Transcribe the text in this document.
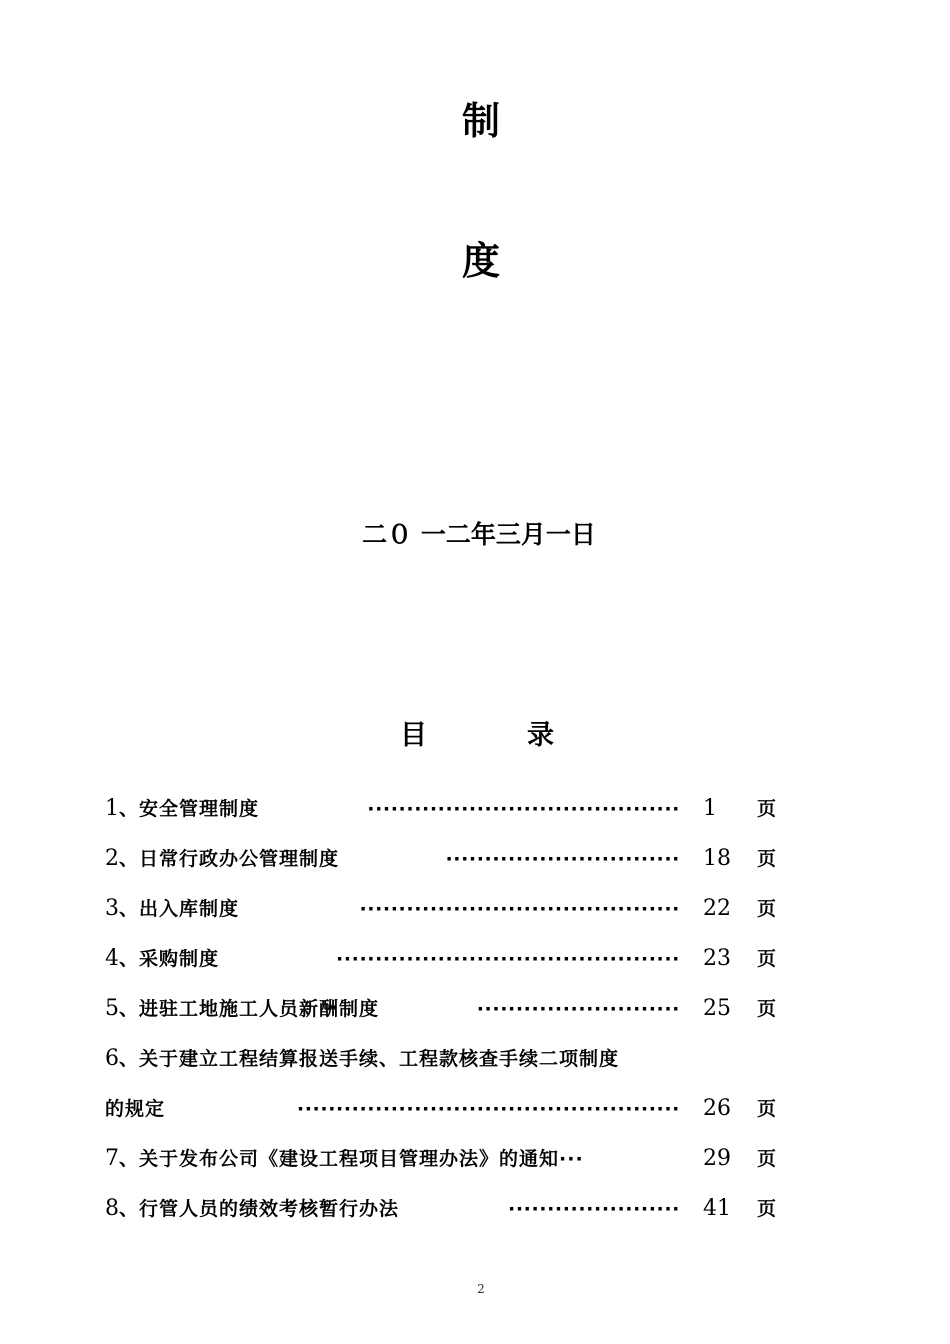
制
度
二０ 一二年三月一日
目	录
1、安全管理制度	········································ 1 页
2、日常行政办公管理制度	······························ 18 页
3、出入库制度	········································· 22 页
4、采购制度	············································ 23 页
5、进驻工地施工人员新酬制度	·························· 25 页
6、关于建立工程结算报送手续、工程款核查手续二项制度
的规定	················································· 26 页
7、关于发布公司《建设工程项目管理办法》的通知···	29 页
8、行管人员的绩效考核暂行办法	······················ 41 页
2
